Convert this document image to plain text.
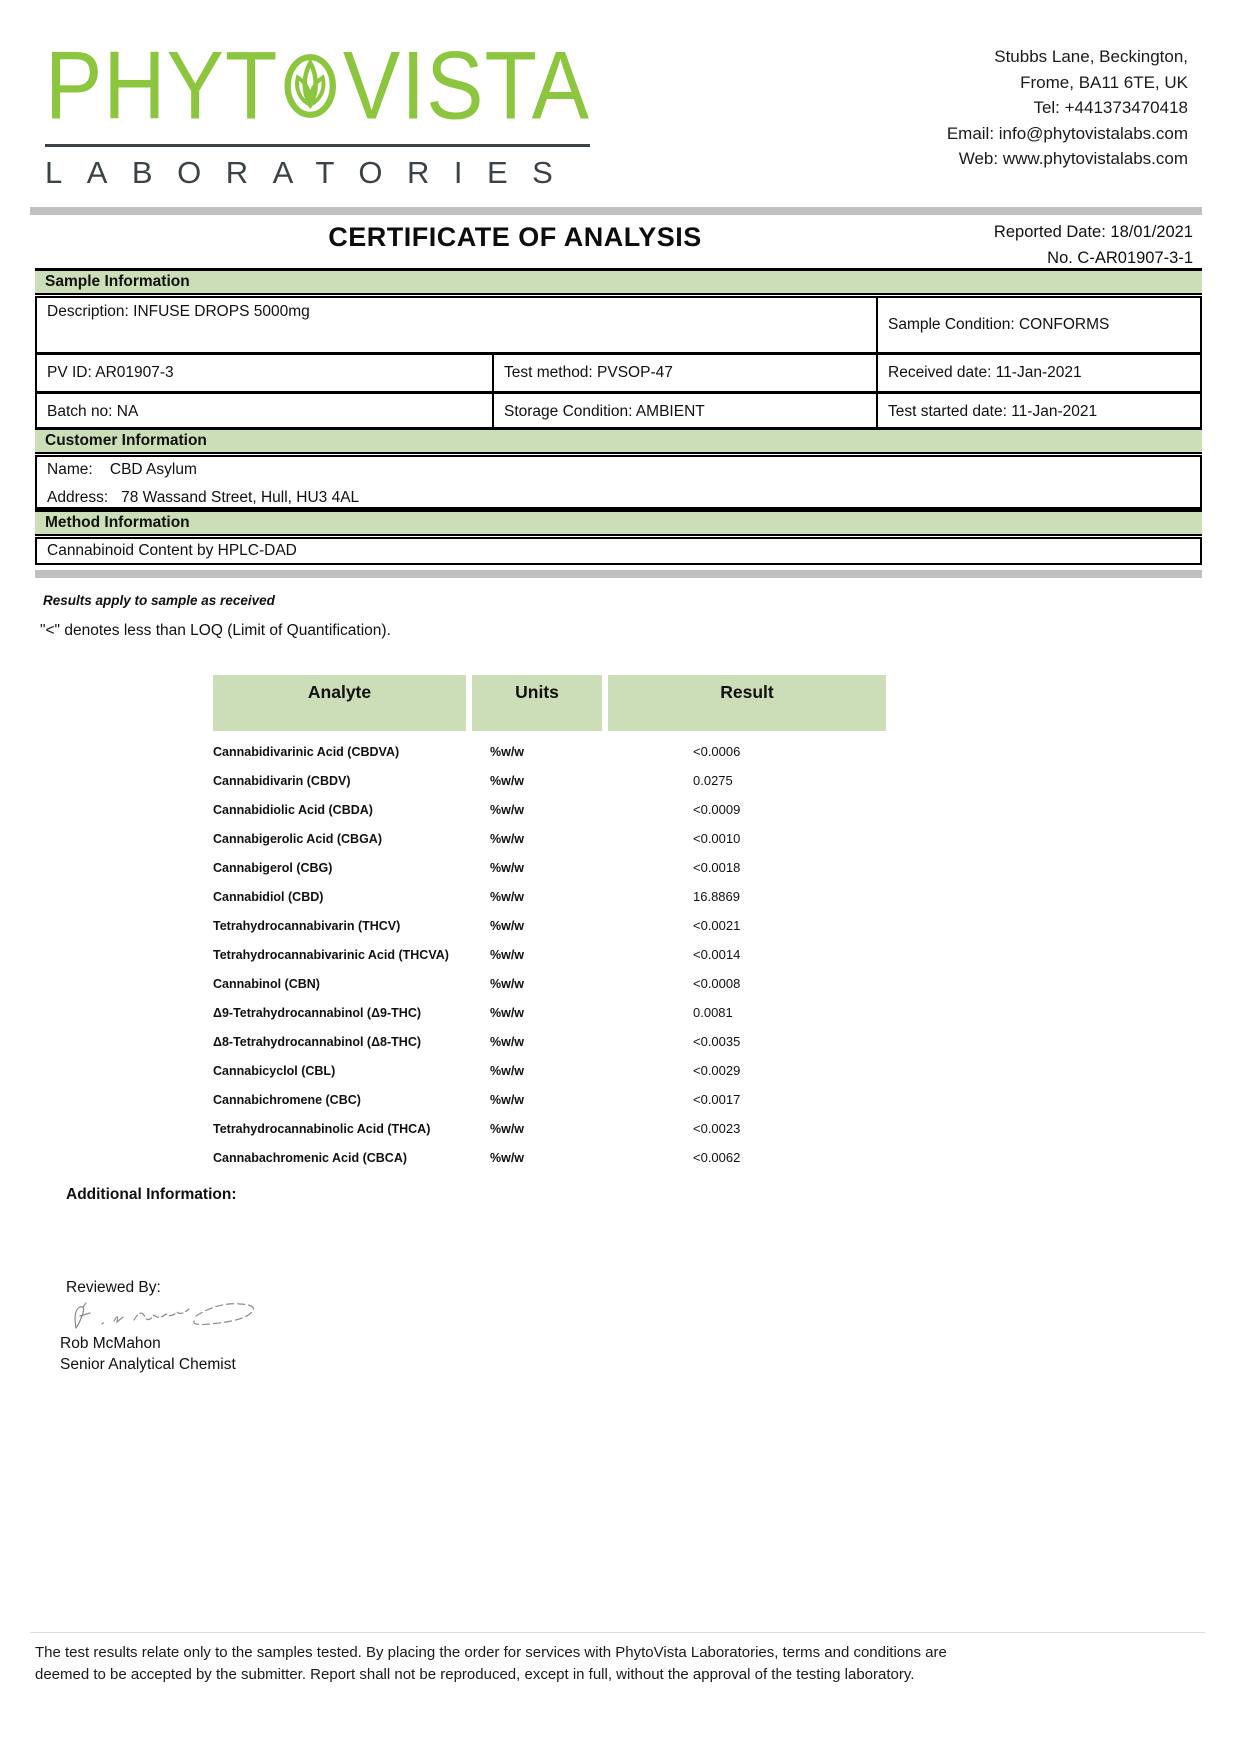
PHYT VISTA
LABORATORIES
Stubbs Lane, Beckington,
Frome, BA11 6TE, UK
Tel: +441373470418
Email: info@phytovistalabs.com
Web: www.phytovistalabs.com
CERTIFICATE OF ANALYSIS	Reported Date: 18/01/2021
No. C-AR01907-3-1
Sample Information
Description: INFUSE DROPS 5000mg
Sample Condition: CONFORMS
PV ID: AR01907-3	Test method: PVSOP-47	Received date: 11-Jan-2021
Batch no: NA	Storage Condition: AMBIENT	Test started date: 11-Jan-2021
Customer Information
Name:    CBD Asylum
Address:   78 Wassand Street, Hull, HU3 4AL
Method Information
Cannabinoid Content by HPLC-DAD
Results apply to sample as received
"<" denotes less than LOQ (Limit of Quantification).
Analyte	Units	Result
Cannabidivarinic Acid (CBDVA)	%w/w	<0.0006
Cannabidivarin (CBDV)	%w/w	0.0275
Cannabidiolic Acid (CBDA)	%w/w	<0.0009
Cannabigerolic Acid (CBGA)	%w/w	<0.0010
Cannabigerol (CBG)	%w/w	<0.0018
Cannabidiol (CBD)	%w/w	16.8869
Tetrahydrocannabivarin (THCV)	%w/w	<0.0021
Tetrahydrocannabivarinic Acid (THCVA)	%w/w	<0.0014
Cannabinol (CBN)	%w/w	<0.0008
Δ9-Tetrahydrocannabinol (Δ9-THC)	%w/w	0.0081
Δ8-Tetrahydrocannabinol (Δ8-THC)	%w/w	<0.0035
Cannabicyclol (CBL)	%w/w	<0.0029
Cannabichromene (CBC)	%w/w	<0.0017
Tetrahydrocannabinolic Acid (THCA)	%w/w	<0.0023
Cannabachromenic Acid (CBCA)	%w/w	<0.0062
Additional Information:
Reviewed By:
Rob McMahon
Senior Analytical Chemist
The test results relate only to the samples tested. By placing the order for services with PhytoVista Laboratories, terms and conditions are
deemed to be accepted by the submitter. Report shall not be reproduced, except in full, without the approval of the testing laboratory.
